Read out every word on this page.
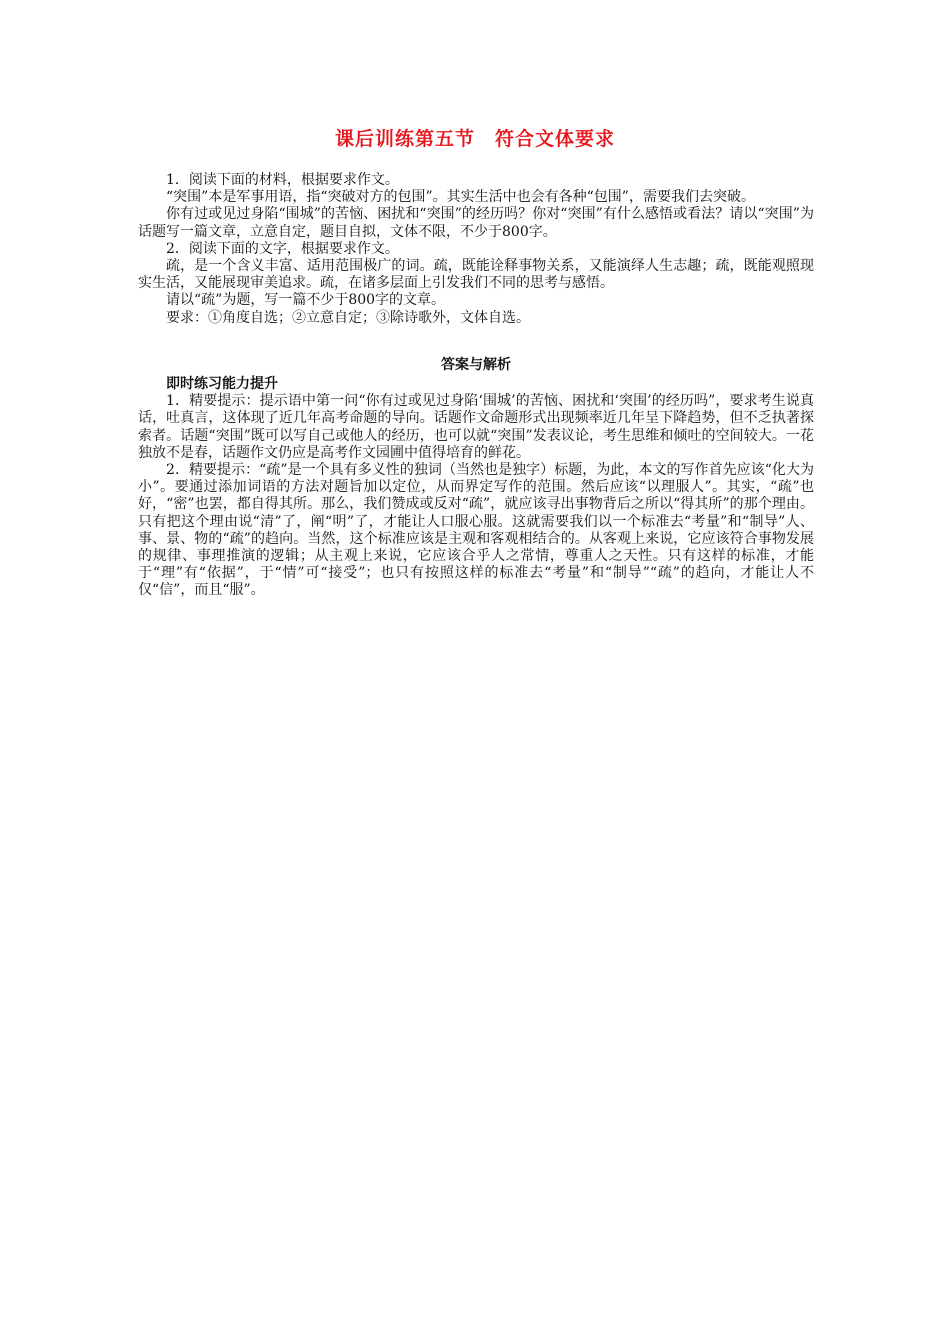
课后训练第五节　符合文体要求

1．阅读下面的材料，根据要求作文。

“突围”本是军事用语，指“突破对方的包围”。其实生活中也会有各种“包围”，需要我们去突破。

你有过或见过身陷“围城”的苦恼、困扰和“突围”的经历吗？你对“突围”有什么感悟或看法？请以“突围”为话题写一篇文章，立意自定，题目自拟，文体不限，不少于800字。

2．阅读下面的文字，根据要求作文。

疏，是一个含义丰富、适用范围极广的词。疏，既能诠释事物关系，又能演绎人生志趣；疏，既能观照现实生活，又能展现审美追求。疏，在诸多层面上引发我们不同的思考与感悟。

请以“疏”为题，写一篇不少于800字的文章。

要求：①角度自选；②立意自定；③除诗歌外，文体自选。

答案与解析

即时练习能力提升

1．精要提示：提示语中第一问“你有过或见过身陷‘围城’的苦恼、困扰和‘突围’的经历吗”，要求考生说真话，吐真言，这体现了近几年高考命题的导向。话题作文命题形式出现频率近几年呈下降趋势，但不乏执著探索者。话题“突围”既可以写自己或他人的经历，也可以就“突围”发表议论，考生思维和倾吐的空间较大。一花独放不是春，话题作文仍应是高考作文园圃中值得培育的鲜花。

2．精要提示：“疏”是一个具有多义性的独词（当然也是独字）标题，为此，本文的写作首先应该“化大为小”。要通过添加词语的方法对题旨加以定位，从而界定写作的范围。然后应该“以理服人”。其实，“疏”也好，“密”也罢，都自得其所。那么，我们赞成或反对“疏”，就应该寻出事物背后之所以“得其所”的那个理由。只有把这个理由说“清”了，阐“明”了，才能让人口服心服。这就需要我们以一个标准去“考量”和“制导”人、事、景、物的“疏”的趋向。当然，这个标准应该是主观和客观相结合的。从客观上来说，它应该符合事物发展的规律、事理推演的逻辑；从主观上来说，它应该合乎人之常情，尊重人之天性。只有这样的标准，才能于“理”有“依据”，于“情”可“接受”；也只有按照这样的标准去“考量”和“制导”“疏”的趋向，才能让人不仅“信”，而且“服”。
